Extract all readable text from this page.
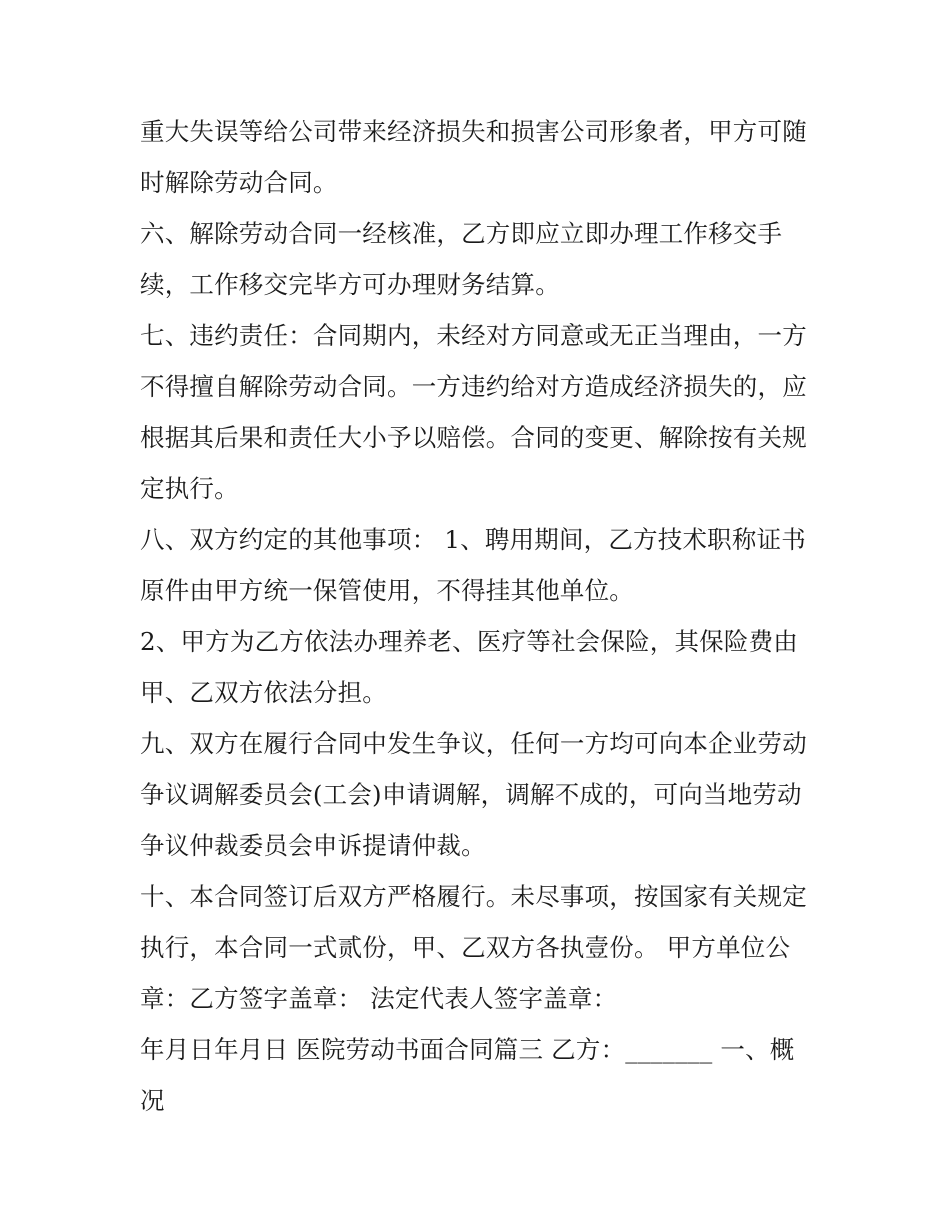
重大失误等给公司带来经济损失和损害公司形象者，甲方可随
时解除劳动合同。
六、解除劳动合同一经核准，乙方即应立即办理工作移交手
续，工作移交完毕方可办理财务结算。
七、违约责任：合同期内，未经对方同意或无正当理由，一方
不得擅自解除劳动合同。一方违约给对方造成经济损失的，应
根据其后果和责任大小予以赔偿。合同的变更、解除按有关规
定执行。
八、双方约定的其他事项： 1、聘用期间，乙方技术职称证书
原件由甲方统一保管使用，不得挂其他单位。
2、甲方为乙方依法办理养老、医疗等社会保险，其保险费由
甲、乙双方依法分担。
九、双方在履行合同中发生争议，任何一方均可向本企业劳动
争议调解委员会(工会)申请调解，调解不成的，可向当地劳动
争议仲裁委员会申诉提请仲裁。
十、本合同签订后双方严格履行。未尽事项，按国家有关规定
执行，本合同一式贰份，甲、乙双方各执壹份。 甲方单位公
章：乙方签字盖章： 法定代表人签字盖章：
年月日年月日 医院劳动书面合同篇三 乙方：_______ 一、概
况
